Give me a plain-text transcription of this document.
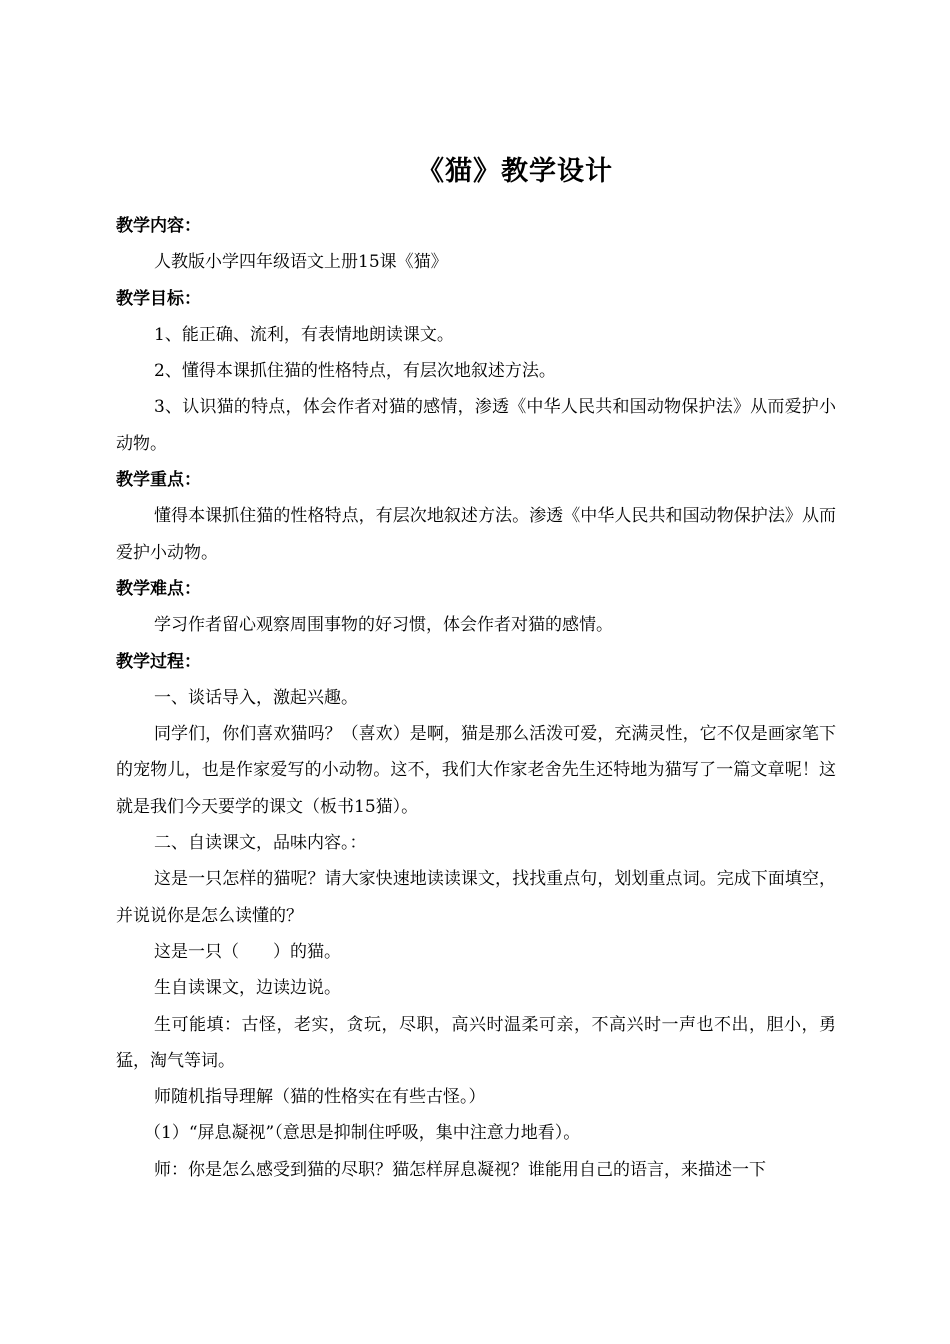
《猫》教学设计

教学内容：

人教版小学四年级语文上册15课《猫》

教学目标：

1、能正确、流利，有表情地朗读课文。

2、懂得本课抓住猫的性格特点，有层次地叙述方法。

3、认识猫的特点，体会作者对猫的感情，渗透《中华人民共和国动物保护法》从而爱护小动物。

教学重点：

懂得本课抓住猫的性格特点，有层次地叙述方法。渗透《中华人民共和国动物保护法》从而爱护小动物。

教学难点：

学习作者留心观察周围事物的好习惯，体会作者对猫的感情。

教学过程：

一、谈话导入，激起兴趣。

同学们，你们喜欢猫吗？（喜欢）是啊，猫是那么活泼可爱，充满灵性，它不仅是画家笔下的宠物儿，也是作家爱写的小动物。这不，我们大作家老舍先生还特地为猫写了一篇文章呢！这就是我们今天要学的课文（板书15猫）。

二、自读课文，品味内容。：

这是一只怎样的猫呢？请大家快速地读读课文，找找重点句，划划重点词。完成下面填空，并说说你是怎么读懂的？

这是一只（　　）的猫。

生自读课文，边读边说。

生可能填：古怪，老实，贪玩，尽职，高兴时温柔可亲，不高兴时一声也不出，胆小，勇猛，淘气等词。

师随机指导理解（猫的性格实在有些古怪。）

（1）“屏息凝视”（意思是抑制住呼吸，集中注意力地看）。

师：你是怎么感受到猫的尽职？猫怎样屏息凝视？谁能用自己的语言，来描述一下
